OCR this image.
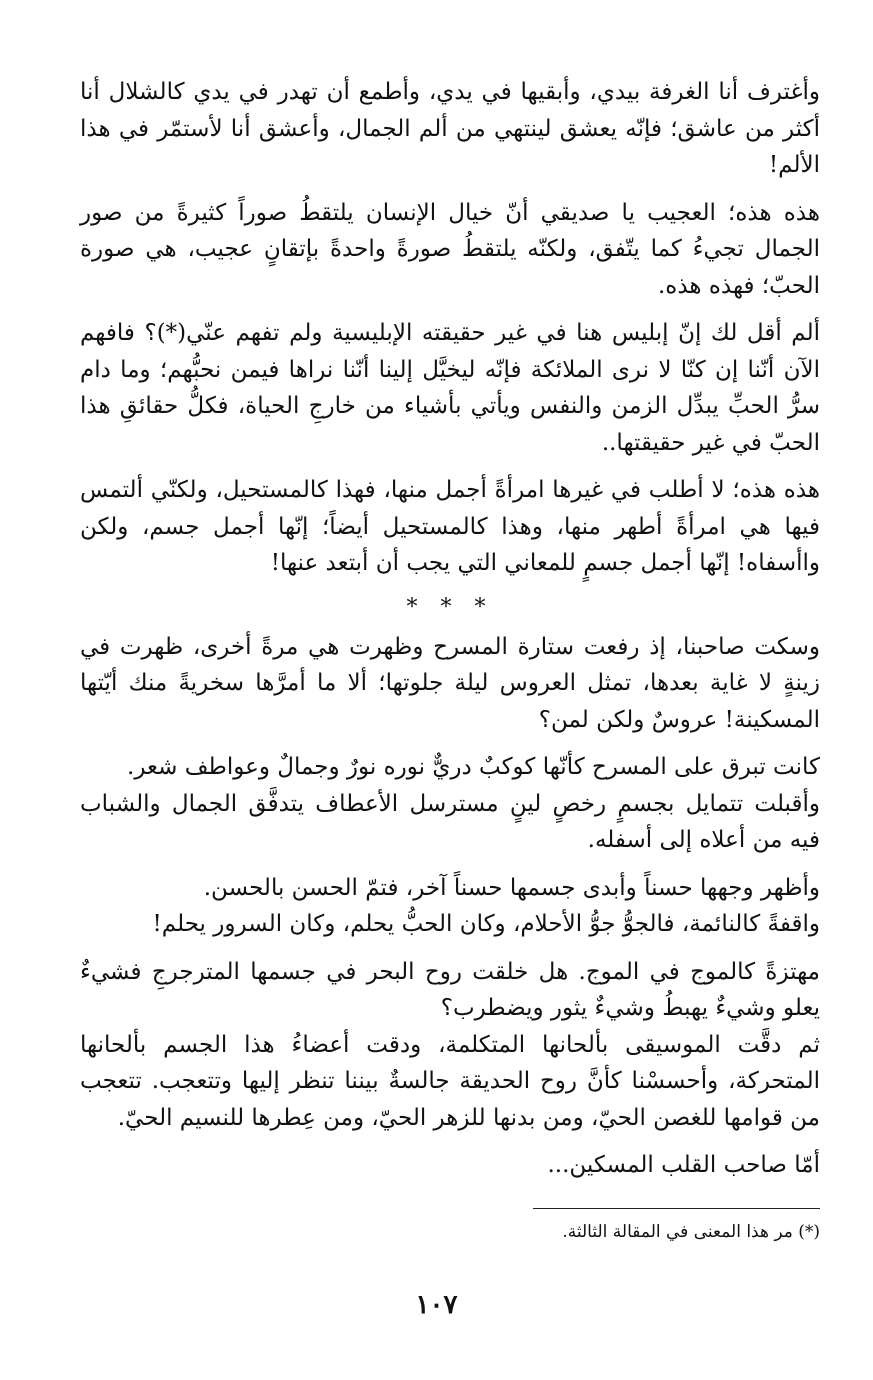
وأغترف أنا الغرفة بيدي، وأبقيها في يدي، وأطمع أن تهدر في يدي كالشلال أنا أكثر من عاشق؛ فإنّه يعشق لينتهي من ألم الجمال، وأعشق أنا لأستمّر في هذا الألم!

هذه هذه؛ العجيب يا صديقي أنّ خيال الإنسان يلتقطُ صوراً كثيرةً من صور الجمال تجيءُ كما يتّفق، ولكنّه يلتقطُ صورةً واحدةً بإتقانٍ عجيب، هي صورة الحبّ؛ فهذه هذه.

ألم أقل لك إنّ إبليس هنا في غير حقيقته الإبليسية ولم تفهم عنّي(*)؟ فافهم الآن أنّنا إن كنّا لا نرى الملائكة فإنّه ليخيَّل إلينا أنّنا نراها فيمن نحبُّهم؛ وما دام سرُّ الحبِّ يبدِّل الزمن والنفس ويأتي بأشياء من خارجِ الحياة، فكلُّ حقائقِ هذا الحبّ في غير حقيقتها..

هذه هذه؛ لا أطلب في غيرها امرأةً أجمل منها، فهذا كالمستحيل، ولكنّي ألتمس فيها هي امرأةً أطهر منها، وهذا كالمستحيل أيضاً؛ إنّها أجمل جسم، ولكن واأسفاه! إنّها أجمل جسمٍ للمعاني التي يجب أن أبتعد عنها!

* * *

وسكت صاحبنا، إذ رفعت ستارة المسرح وظهرت هي مرةً أخرى، ظهرت في زينةٍ لا غاية بعدها، تمثل العروس ليلة جلوتها؛ ألا ما أمرَّها سخريةً منك أيّتها المسكينة! عروسٌ ولكن لمن؟

كانت تبرق على المسرح كأنّها كوكبٌ دريٌّ نوره نورٌ وجمالٌ وعواطف شعر.

وأقبلت تتمايل بجسمٍ رخصٍ لينٍ مسترسل الأعطاف يتدفَّق الجمال والشباب فيه من أعلاه إلى أسفله.

وأظهر وجهها حسناً وأبدى جسمها حسناً آخر، فتمّ الحسن بالحسن.

واقفةً كالنائمة، فالجوُّ جوُّ الأحلام، وكان الحبُّ يحلم، وكان السرور يحلم!

مهتزةً كالموج في الموج. هل خلقت روح البحر في جسمها المترجرجِ فشيءٌ يعلو وشيءٌ يهبطُ وشيءٌ يثور ويضطرب؟

ثم دقَّت الموسيقى بألحانها المتكلمة، ودقت أعضاءُ هذا الجسم بألحانها المتحركة، وأحسسْنا كأنَّ روح الحديقة جالسةٌ بيننا تنظر إليها وتتعجب. تتعجب من قوامها للغصن الحيّ، ومن بدنها للزهر الحيّ، ومن عِطرها للنسيم الحيّ.

أمّا صاحب القلب المسكين...

(*) مر هذا المعنى في المقالة الثالثة.
١٠٧
